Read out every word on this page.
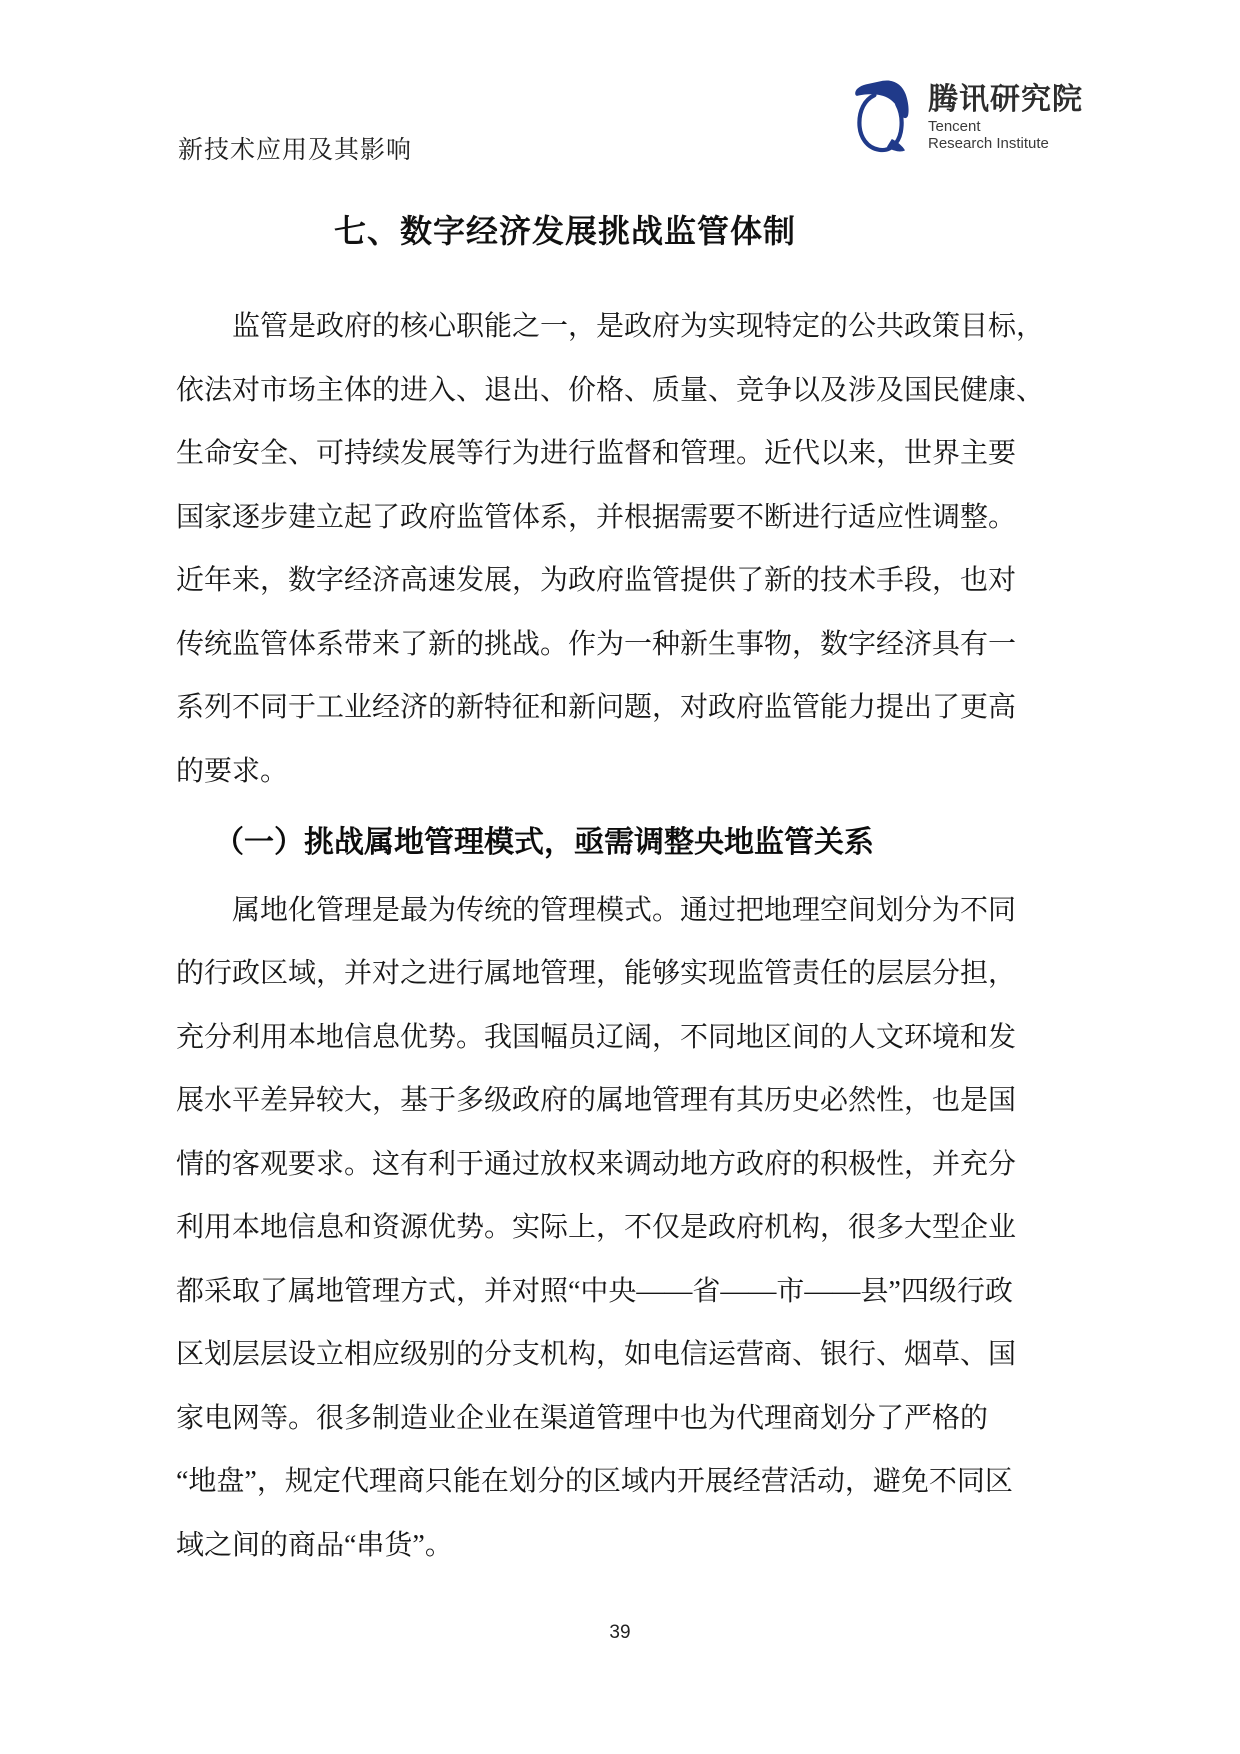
新技术应用及其影响
腾讯研究院
Tencent
Research Institute
七、数字经济发展挑战监管体制
监管是政府的核心职能之一，是政府为实现特定的公共政策目标，
依法对市场主体的进入、退出、价格、质量、竞争以及涉及国民健康、
生命安全、可持续发展等行为进行监督和管理。近代以来，世界主要
国家逐步建立起了政府监管体系，并根据需要不断进行适应性调整。
近年来，数字经济高速发展，为政府监管提供了新的技术手段，也对
传统监管体系带来了新的挑战。作为一种新生事物，数字经济具有一
系列不同于工业经济的新特征和新问题，对政府监管能力提出了更高
的要求。
（一）挑战属地管理模式，亟需调整央地监管关系
属地化管理是最为传统的管理模式。通过把地理空间划分为不同
的行政区域，并对之进行属地管理，能够实现监管责任的层层分担，
充分利用本地信息优势。我国幅员辽阔，不同地区间的人文环境和发
展水平差异较大，基于多级政府的属地管理有其历史必然性，也是国
情的客观要求。这有利于通过放权来调动地方政府的积极性，并充分
利用本地信息和资源优势。实际上，不仅是政府机构，很多大型企业
都采取了属地管理方式，并对照“中央——省——市——县”四级行政
区划层层设立相应级别的分支机构，如电信运营商、银行、烟草、国
家电网等。很多制造业企业在渠道管理中也为代理商划分了严格的
“地盘”，规定代理商只能在划分的区域内开展经营活动，避免不同区
域之间的商品“串货”。
39
